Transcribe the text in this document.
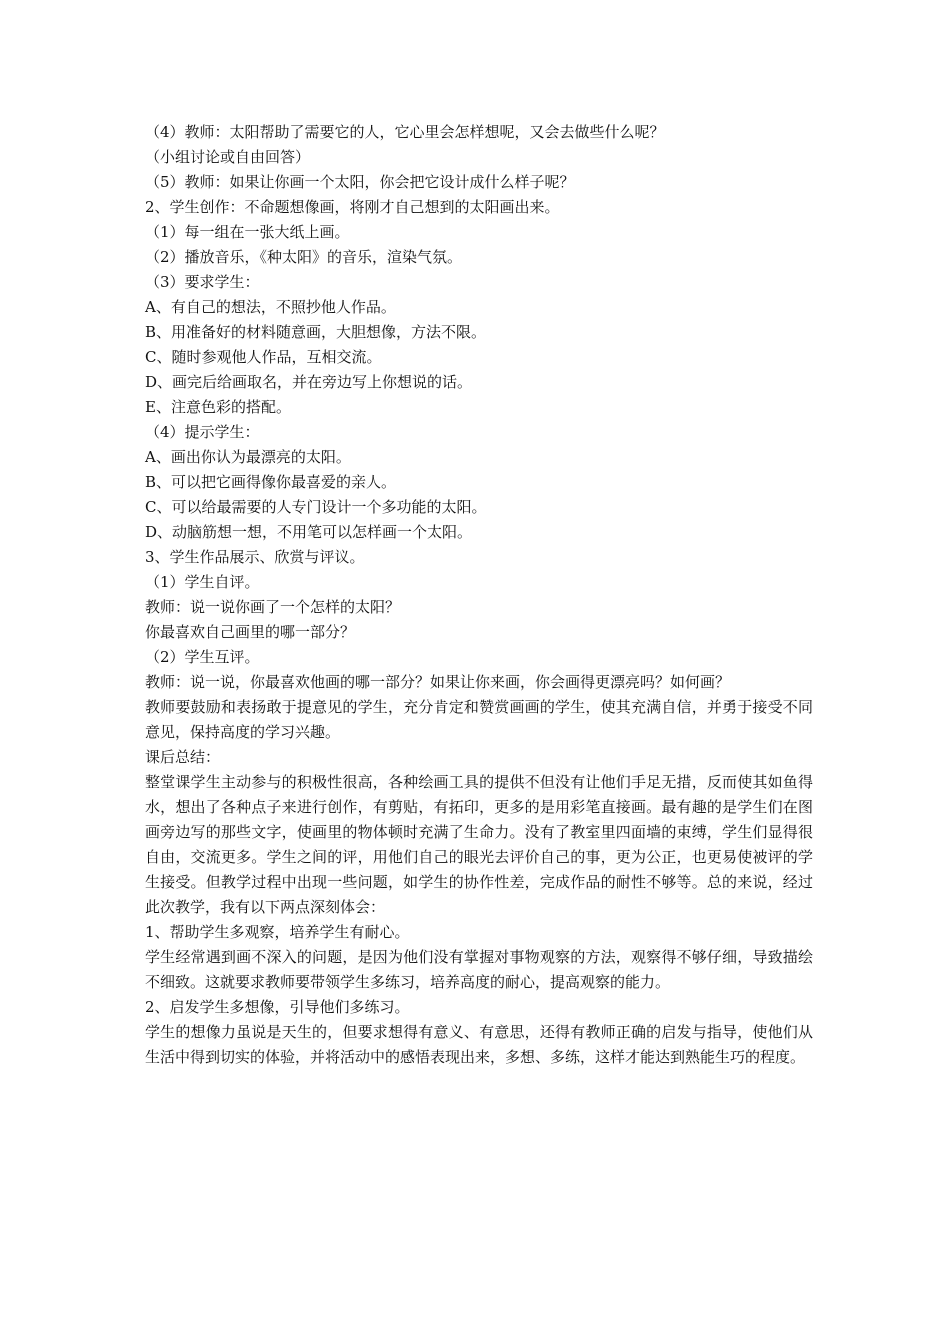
（4）教师：太阳帮助了需要它的人，它心里会怎样想呢，又会去做些什么呢？

（小组讨论或自由回答）

（5）教师：如果让你画一个太阳，你会把它设计成什么样子呢？

2、学生创作：不命题想像画，将刚才自己想到的太阳画出来。

（1）每一组在一张大纸上画。

（2）播放音乐，《种太阳》的音乐，渲染气氛。

（3）要求学生：

A、有自己的想法，不照抄他人作品。

B、用准备好的材料随意画，大胆想像，方法不限。

C、随时参观他人作品，互相交流。

D、画完后给画取名，并在旁边写上你想说的话。

E、注意色彩的搭配。

（4）提示学生：

A、画出你认为最漂亮的太阳。

B、可以把它画得像你最喜爱的亲人。

C、可以给最需要的人专门设计一个多功能的太阳。

D、动脑筋想一想，不用笔可以怎样画一个太阳。

3、学生作品展示、欣赏与评议。

（1）学生自评。

教师：说一说你画了一个怎样的太阳？

你最喜欢自己画里的哪一部分？

（2）学生互评。

教师：说一说，你最喜欢他画的哪一部分？如果让你来画，你会画得更漂亮吗？如何画？

教师要鼓励和表扬敢于提意见的学生，充分肯定和赞赏画画的学生，使其充满自信，并勇于接受不同意见，保持高度的学习兴趣。

课后总结：

整堂课学生主动参与的积极性很高，各种绘画工具的提供不但没有让他们手足无措，反而使其如鱼得水，想出了各种点子来进行创作，有剪贴，有拓印，更多的是用彩笔直接画。最有趣的是学生们在图画旁边写的那些文字，使画里的物体顿时充满了生命力。没有了教室里四面墙的束缚，学生们显得很自由，交流更多。学生之间的评，用他们自己的眼光去评价自己的事，更为公正，也更易使被评的学生接受。但教学过程中出现一些问题，如学生的协作性差，完成作品的耐性不够等。总的来说，经过此次教学，我有以下两点深刻体会：

1、帮助学生多观察，培养学生有耐心。

学生经常遇到画不深入的问题，是因为他们没有掌握对事物观察的方法，观察得不够仔细，导致描绘不细致。这就要求教师要带领学生多练习，培养高度的耐心，提高观察的能力。

2、启发学生多想像，引导他们多练习。

学生的想像力虽说是天生的，但要求想得有意义、有意思，还得有教师正确的启发与指导，使他们从生活中得到切实的体验，并将活动中的感悟表现出来，多想、多练，这样才能达到熟能生巧的程度。
